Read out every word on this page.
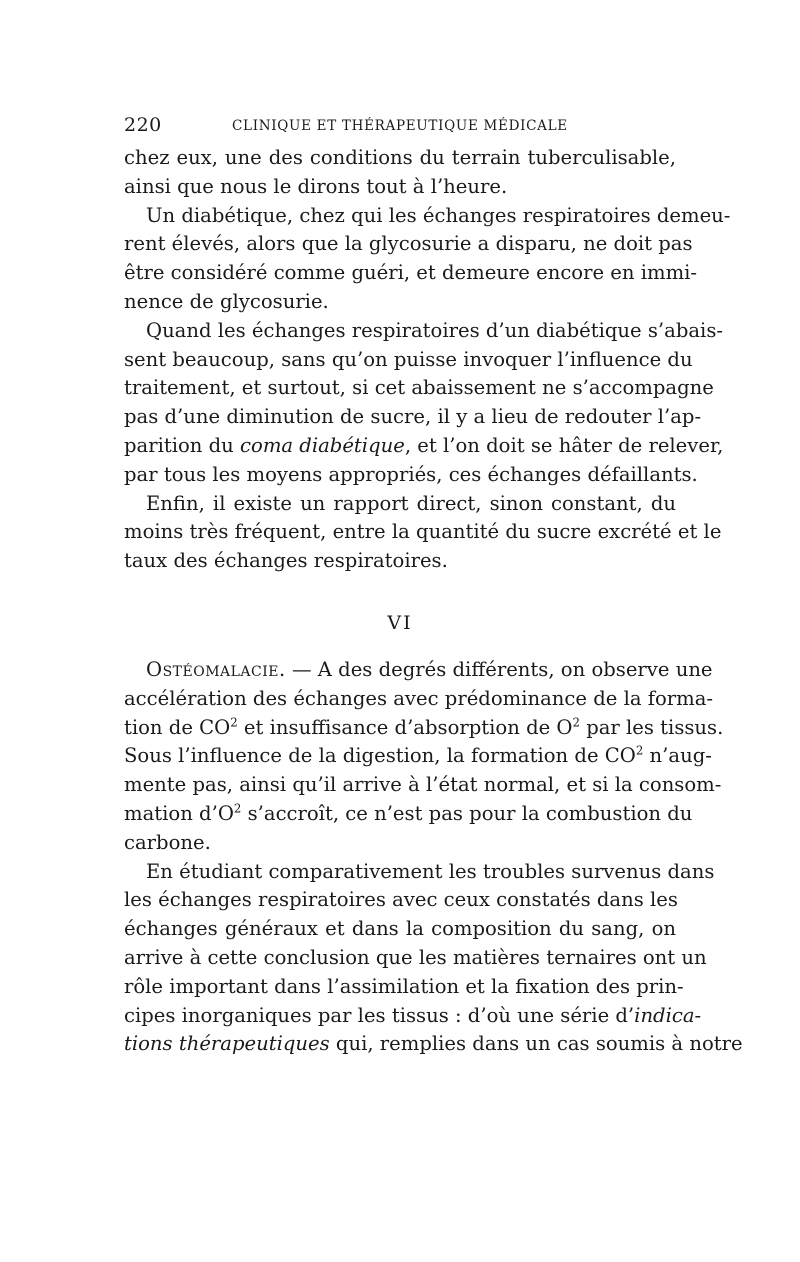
220	CLINIQUE ET THÉRAPEUTIQUE MÉDICALE

chez eux, une des conditions du terrain tuberculisable,
ainsi que nous le dirons tout à l’heure.

Un diabétique, chez qui les échanges respiratoires demeu-
rent élevés, alors que la glycosurie a disparu, ne doit pas
être considéré comme guéri, et demeure encore en immi-
nence de glycosurie.

Quand les échanges respiratoires d’un diabétique s’abais-
sent beaucoup, sans qu’on puisse invoquer l’influence du
traitement, et surtout, si cet abaissement ne s’accompagne
pas d’une diminution de sucre, il y a lieu de redouter l’ap-
parition du coma diabétique, et l’on doit se hâter de relever,
par tous les moyens appropriés, ces échanges défaillants.

Enfin, il existe un rapport direct, sinon constant, du
moins très fréquent, entre la quantité du sucre excrété et le
taux des échanges respiratoires.

VI

Ostéomalacie. — A des degrés différents, on observe une
accélération des échanges avec prédominance de la forma-
tion de $CO^2$ et insuffisance d’absorption de $O^2$ par les tissus.
Sous l’influence de la digestion, la formation de $CO^2$ n’aug-
mente pas, ainsi qu’il arrive à l’état normal, et si la consom-
mation $d’O^2$ s’accroît, ce n’est pas pour la combustion du
carbone.

En étudiant comparativement les troubles survenus dans
les échanges respiratoires avec ceux constatés dans les
échanges généraux et dans la composition du sang, on
arrive à cette conclusion que les matières ternaires ont un
rôle important dans l’assimilation et la fixation des prin-
cipes inorganiques par les tissus : d’où une série d’indica-
tions thérapeutiques qui, remplies dans un cas soumis à notre
